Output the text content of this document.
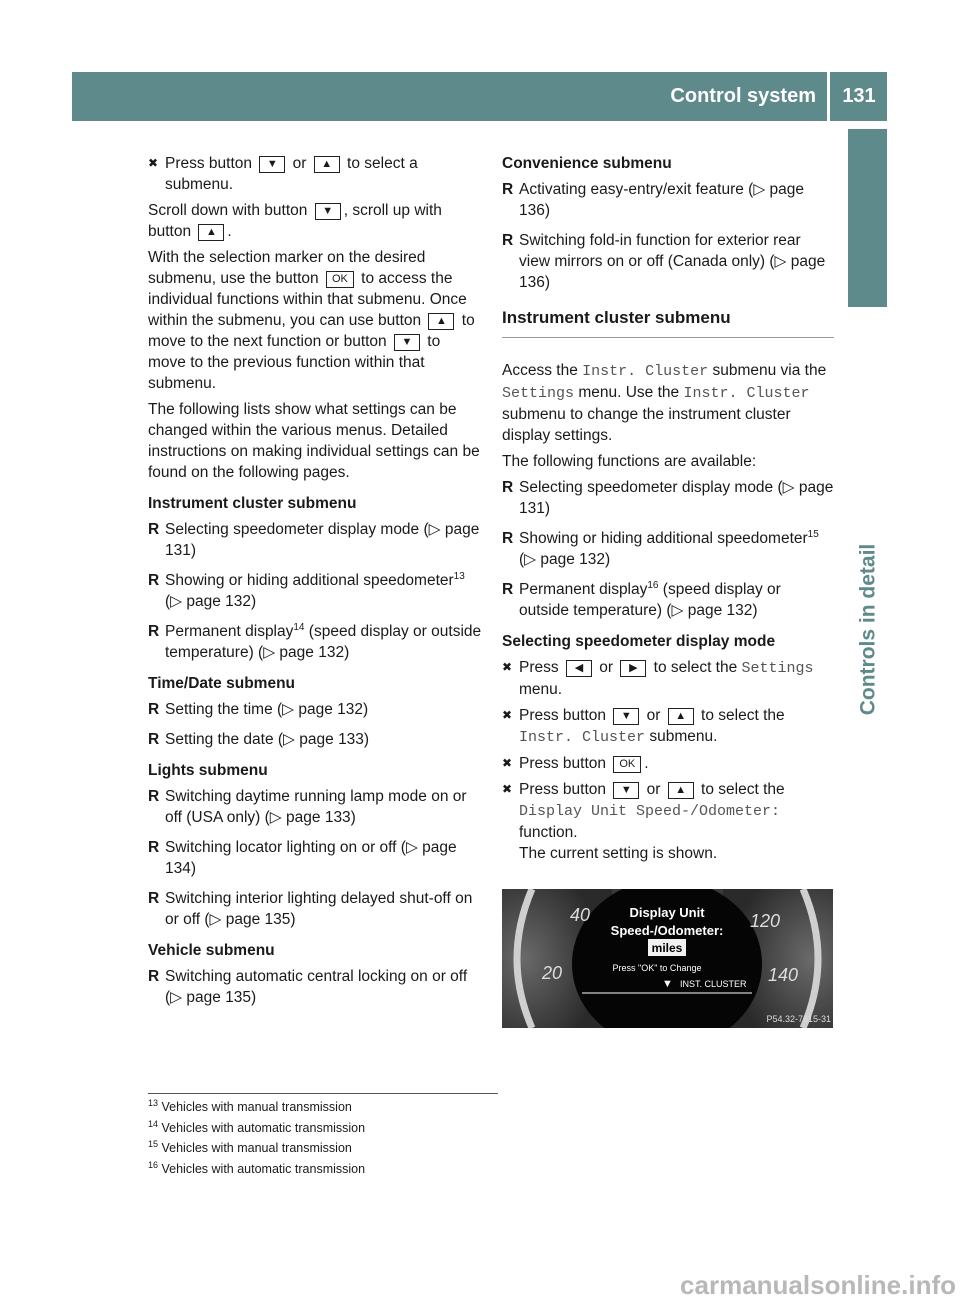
Control system 131
Controls in detail
✖ Press button ▼ or ▲ to select a submenu.

Scroll down with button ▼ , scroll up with button ▲ .

With the selection marker on the desired submenu, use the button OK to access the individual functions within that submenu. Once within the submenu, you can use button ▲ to move to the next function or button ▼ to move to the previous function within that submenu.

The following lists show what settings can be changed within the various menus. Detailed instructions on making individual settings can be found on the following pages.

Instrument cluster submenu
R Selecting speedometer display mode (▷ page 131)
R Showing or hiding additional speedometer$^{13}$ (▷ page 132)
R Permanent display$^{14}$ (speed display or outside temperature) (▷ page 132)
Time/Date submenu
R Setting the time (▷ page 132)
R Setting the date (▷ page 133)
Lights submenu
R Switching daytime running lamp mode on or off (USA only) (▷ page 133)
R Switching locator lighting on or off (▷ page 134)
R Switching interior lighting delayed shut-off on or off (▷ page 135)
Vehicle submenu
R Switching automatic central locking on or off (▷ page 135)
Convenience submenu
R Activating easy-entry/exit feature (▷ page 136)
R Switching fold-in function for exterior rear view mirrors on or off (Canada only) (▷ page 136)
Instrument cluster submenu

Access the Instr. Cluster submenu via the Settings menu. Use the Instr. Cluster submenu to change the instrument cluster display settings.

The following functions are available:

R Selecting speedometer display mode (▷ page 131)
R Showing or hiding additional speedometer$^{15}$ (▷ page 132)
R Permanent display$^{16}$ (speed display or outside temperature) (▷ page 132)
Selecting speedometer display mode
✖ Press ◀ or ▶ to select the Settings menu.
✖ Press button ▼ or ▲ to select the Instr. Cluster submenu.
✖ Press button OK .
✖ Press button ▼ or ▲ to select the Display Unit Speed-/Odometer: function.
The current setting is shown.
40
20
120
140
Display Unit
Speed-/Odometer:
miles
Press "OK" to Change
▼ INST. CLUSTER
P54.32-7615-31
$^{13}$ Vehicles with manual transmission
$^{14}$ Vehicles with automatic transmission
$^{15}$ Vehicles with manual transmission
$^{16}$ Vehicles with automatic transmission
carmanualsonline.info
